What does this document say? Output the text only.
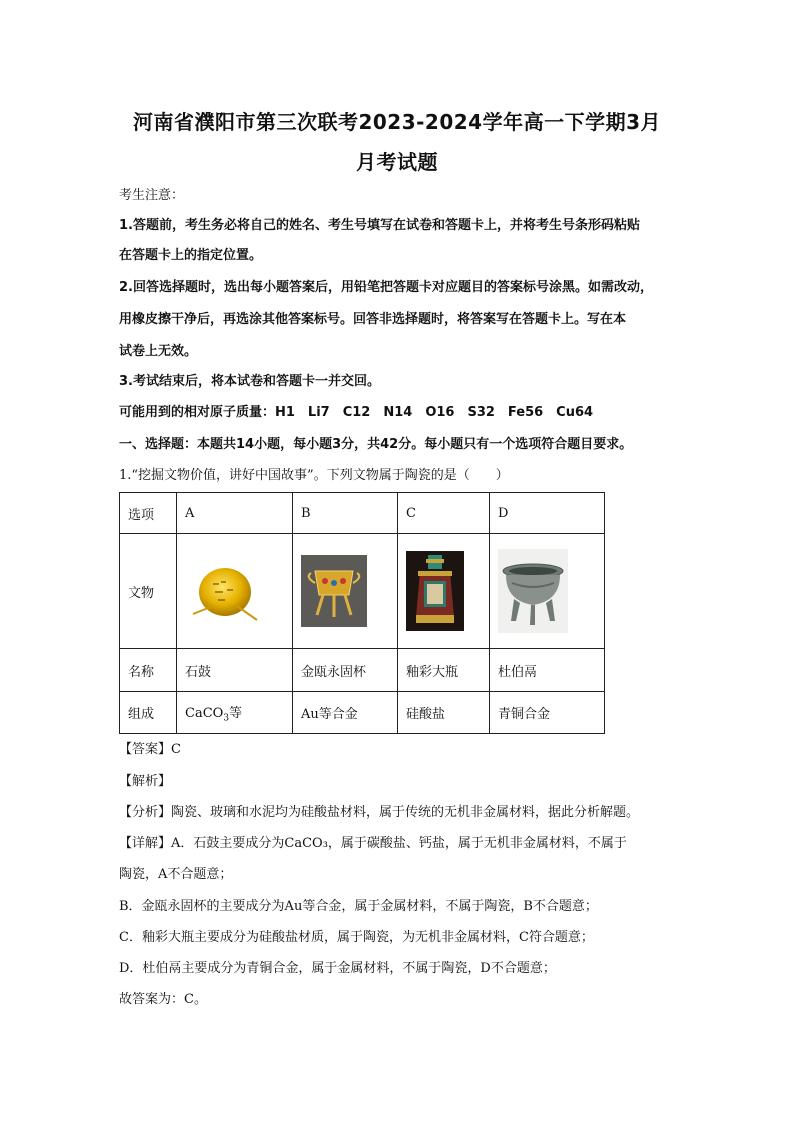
河南省濮阳市第三次联考2023-2024学年高一下学期3月
月考试题
考生注意：
1.答题前，考生务必将自己的姓名、考生号填写在试卷和答题卡上，并将考生号条形码粘贴
在答题卡上的指定位置。
2.回答选择题时，选出每小题答案后，用铅笔把答题卡对应题目的答案标号涂黑。如需改动，
用橡皮擦干净后，再选涂其他答案标号。回答非选择题时，将答案写在答题卡上。写在本
试卷上无效。
3.考试结束后，将本试卷和答题卡一并交回。
可能用到的相对原子质量：H1　Li7　C12　N14　O16　S32　Fe56　Cu64
一、选择题：本题共14小题，每小题3分，共42分。每小题只有一个选项符合题目要求。
1.“挖掘文物价值，讲好中国故事”。下列文物属于陶瓷的是（　　）
选项	A	B	C	D
文物	

名称	石鼓	金瓯永固杯	釉彩大瓶	杜伯鬲
组成	CaCO$_3$等	Au等合金	硅酸盐	青铜合金
【答案】C
【解析】
【分析】陶瓷、玻璃和水泥均为硅酸盐材料，属于传统的无机非金属材料，据此分析解题。
【详解】A．石鼓主要成分为CaCO₃，属于碳酸盐、钙盐，属于无机非金属材料，不属于
陶瓷，A不合题意；
B．金瓯永固杯的主要成分为Au等合金，属于金属材料，不属于陶瓷，B不合题意；
C．釉彩大瓶主要成分为硅酸盐材质，属于陶瓷，为无机非金属材料，C符合题意；
D．杜伯鬲主要成分为青铜合金，属于金属材料，不属于陶瓷，D不合题意；
故答案为：C。
